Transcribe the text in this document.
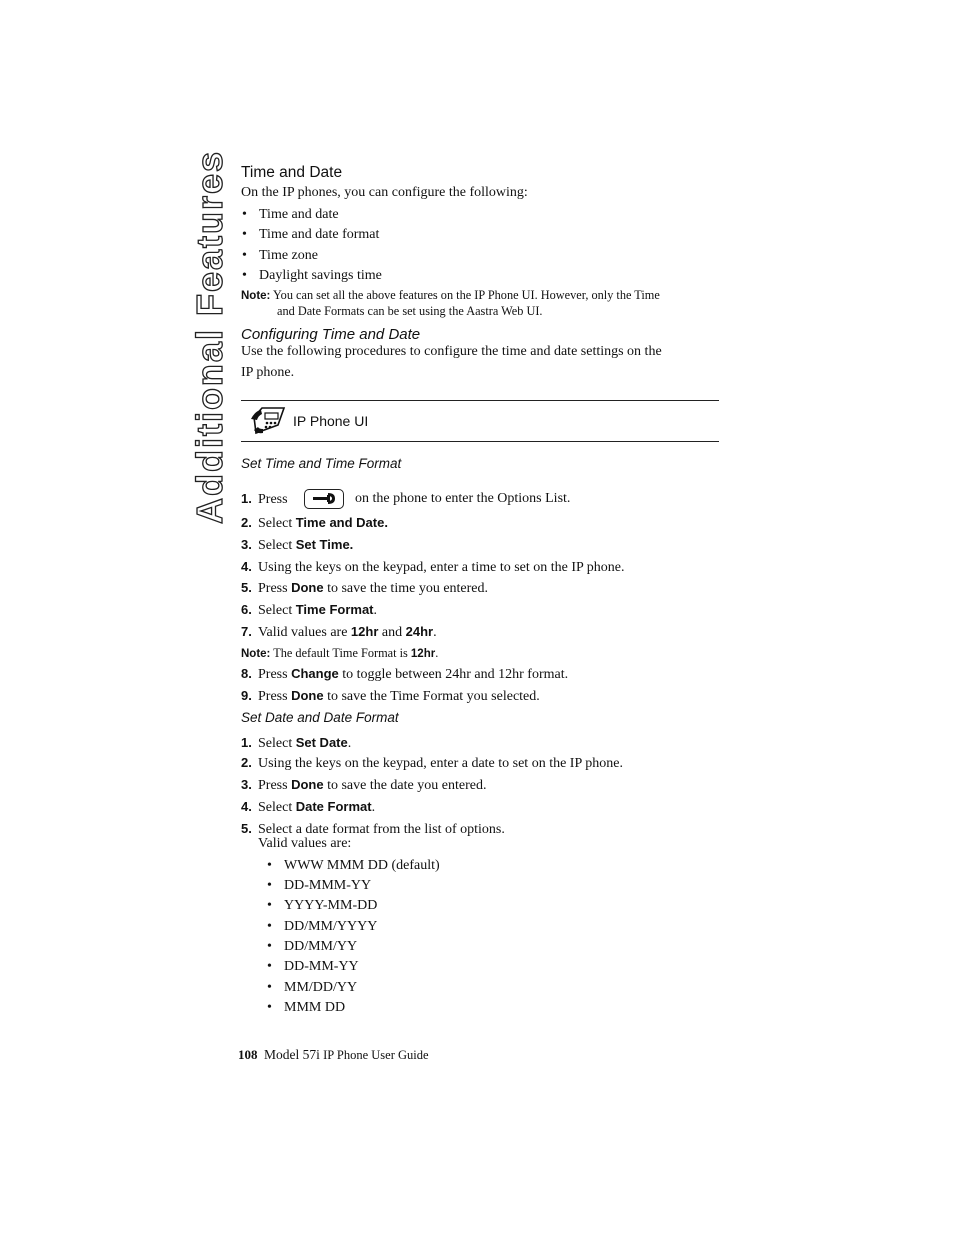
Additional Features Time and Date
On the IP phones, you can configure the following:
• Time and date
• Time and date format
• Time zone
• Daylight savings time
Note: You can set all the above features on the IP Phone UI. However, only the Time
and Date Formats can be set using the Aastra Web UI.
Configuring Time and Date
Use the following procedures to configure the time and date settings on the
IP phone.
IP Phone UI
Set Time and Time Format
1. Press	on the phone to enter the Options List.
2. Select Time and Date.
3. Select Set Time.
4. Using the keys on the keypad, enter a time to set on the IP phone.
5. Press Done to save the time you entered.
6. Select Time Format.
7. Valid values are 12hr and 24hr.
Note: The default Time Format is 12hr.
8. Press Change to toggle between 24hr and 12hr format.
9. Press Done to save the Time Format you selected.
Set Date and Date Format
1. Select Set Date.
2. Using the keys on the keypad, enter a date to set on the IP phone.
3. Press Done to save the date you entered.
4. Select Date Format.
5. Select a date format from the list of options.
Valid values are:
• WWW MMM DD (default)
• DD-MMM-YY
• YYYY-MM-DD
• DD/MM/YYYY
• DD/MM/YY
• DD-MM-YY
• MM/DD/YY
• MMM DD
108 Model 57i IP Phone User Guide
